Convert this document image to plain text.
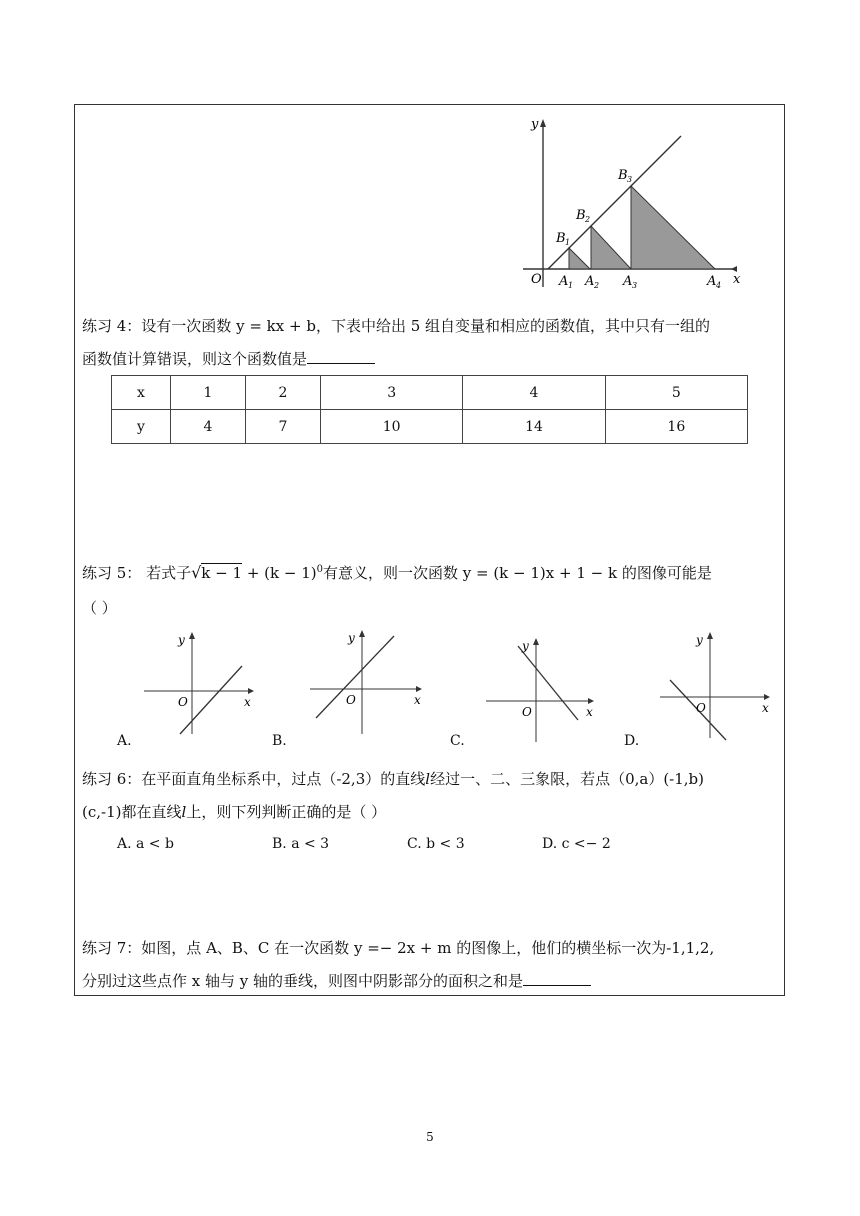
y
x
O A 1 A 2 A 3	A 4
B 1
B 2
B 3
练习 4：设有一次函数 y = kx + b，下表中给出 5 组自变量和相应的函数值，其中只有一组的
函数值计算错误，则这个函数值是
x	1	2	3	4	5
y	4	7	10	14	16
练习 5： 若式子$√k - 1 + (k - 1)^0$有意义，则一次函数 y = (k − 1)x + 1 − k 的图像可能是
（ ）
y
x
O
y
x
O
y
x
O
y
x
O
A.	B.	C.	D.
练习 6：在平面直角坐标系中，过点（-2,3）的直线l经过一、二、三象限，若点（0,a）(-1,b)
(c,-1)都在直线l上，则下列判断正确的是（ ）
A. a < b	B. a < 3	C. b < 3	D. c <− 2
练习 7：如图，点 A、B、C 在一次函数 y =− 2x + m 的图像上，他们的横坐标一次为-1,1,2,
分别过这些点作 x 轴与 y 轴的垂线，则图中阴影部分的面积之和是
5
